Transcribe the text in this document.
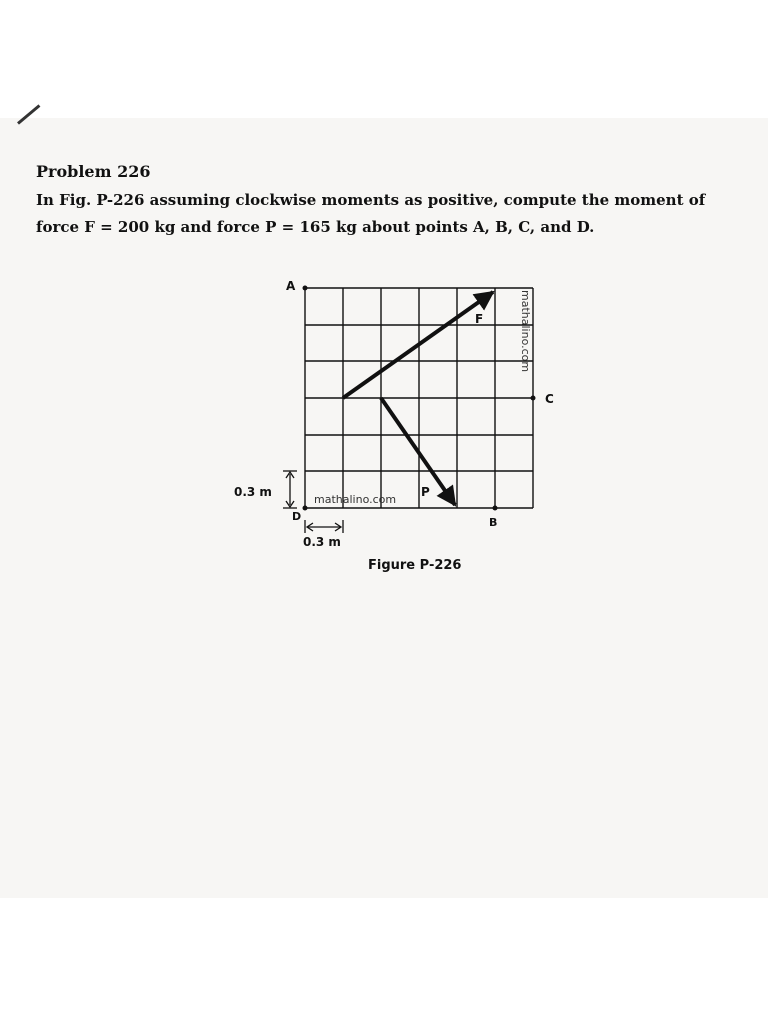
Problem 226

In Fig. P-226 assuming clockwise moments as positive, compute the moment of force F = 200 kg and force P = 165 kg about points A, B, C, and D.

A
B
C
D
F
P
0.3 m
0.3 m
mathalino.com
mathalino.com
Figure P-226
